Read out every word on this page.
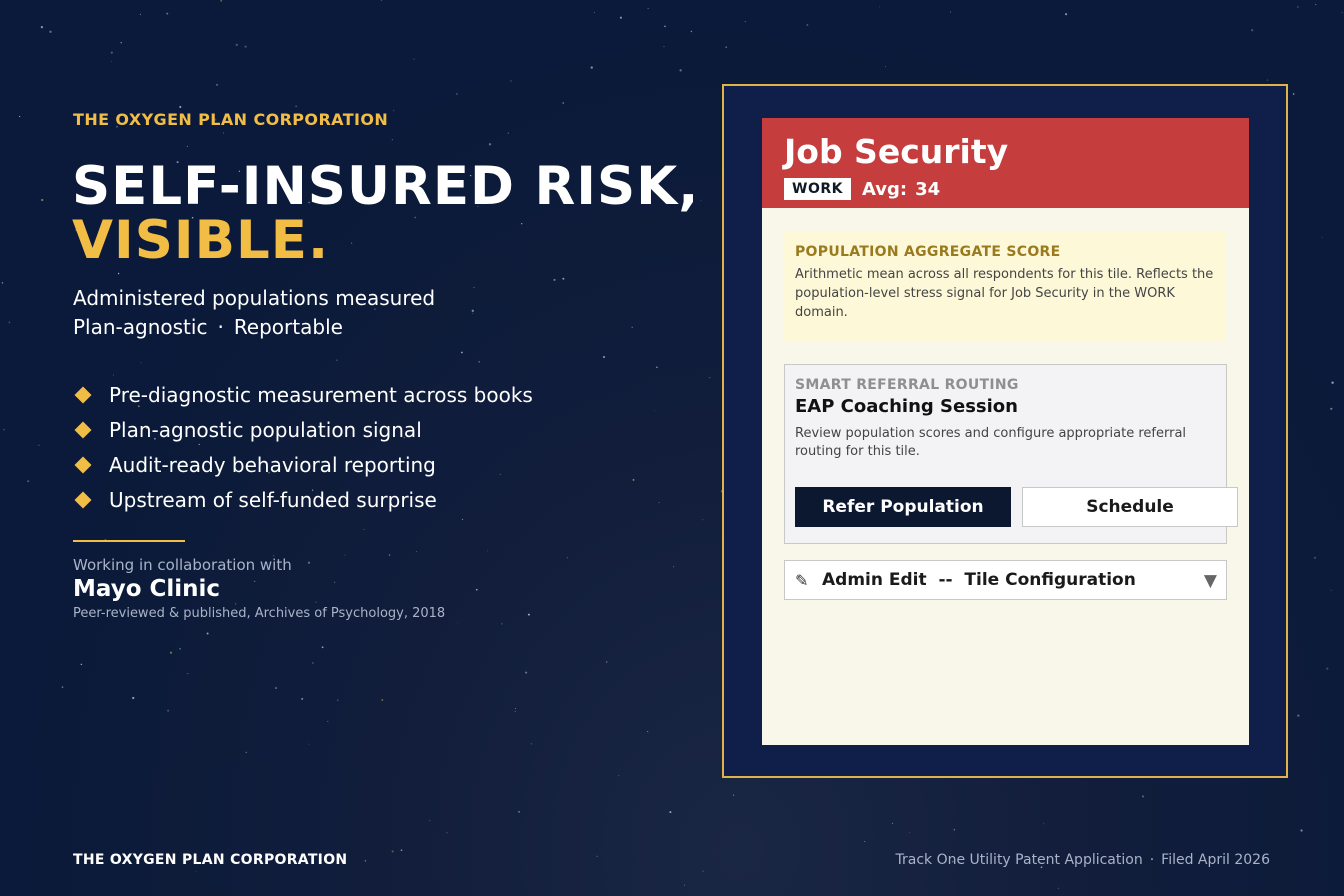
THE OXYGEN PLAN CORPORATION
SELF-INSURED RISK,
VISIBLE.
Administered populations measured
Plan-agnostic · Reportable
Pre-diagnostic measurement across books
Plan-agnostic population signal
Audit-ready behavioral reporting
Upstream of self-funded surprise
Working in collaboration with
Mayo Clinic
Peer-reviewed & published, Archives of Psychology, 2018
THE OXYGEN PLAN CORPORATION	Track One Utility Patent Application · Filed April 2026
Job Security
WORK	Avg: 34
POPULATION AGGREGATE SCORE
Arithmetic mean across all respondents for this tile. Reflects the population-level stress signal for Job Security in the WORK domain.
SMART REFERRAL ROUTING
EAP Coaching Session
Review population scores and configure appropriate referral routing for this tile.
Refer Population	Schedule
✎ Admin Edit  --  Tile Configuration	▼
